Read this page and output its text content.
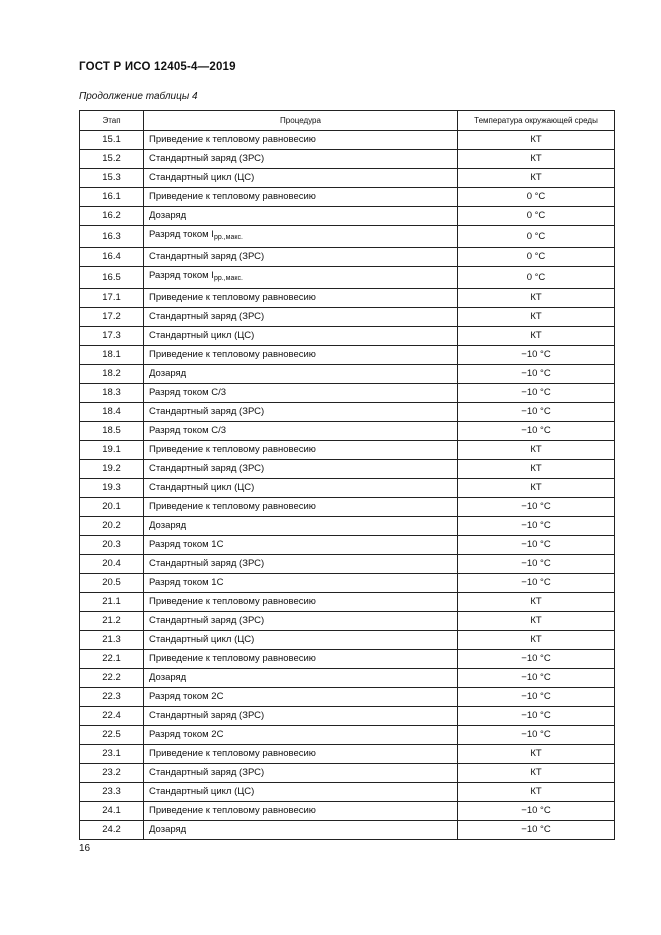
ГОСТ Р ИСО 12405-4—2019
Продолжение таблицы 4
Этап	Процедура	Температура окружающей среды
15.1	Приведение к тепловому равновесию	КТ
15.2	Стандартный заряд (ЗРС)	КТ
15.3	Стандартный цикл (ЦС)	КТ
16.1	Приведение к тепловому равновесию	0 °С
16.2	Дозаряд	0 °С
16.3	Разряд током $I_{рр.,макс.}$	0 °С
16.4	Стандартный заряд (ЗРС)	0 °С
16.5	Разряд током $I_{рр.,макс.}$	0 °С
17.1	Приведение к тепловому равновесию	КТ
17.2	Стандартный заряд (ЗРС)	КТ
17.3	Стандартный цикл (ЦС)	КТ
18.1	Приведение к тепловому равновесию	−10 °С
18.2	Дозаряд	−10 °С
18.3	Разряд током С/3	−10 °С
18.4	Стандартный заряд (ЗРС)	−10 °С
18.5	Разряд током С/3	−10 °С
19.1	Приведение к тепловому равновесию	КТ
19.2	Стандартный заряд (ЗРС)	КТ
19.3	Стандартный цикл (ЦС)	КТ
20.1	Приведение к тепловому равновесию	−10 °С
20.2	Дозаряд	−10 °С
20.3	Разряд током 1С	−10 °С
20.4	Стандартный заряд (ЗРС)	−10 °С
20.5	Разряд током 1С	−10 °С
21.1	Приведение к тепловому равновесию	КТ
21.2	Стандартный заряд (ЗРС)	КТ
21.3	Стандартный цикл (ЦС)	КТ
22.1	Приведение к тепловому равновесию	−10 °С
22.2	Дозаряд	−10 °С
22.3	Разряд током 2С	−10 °С
22.4	Стандартный заряд (ЗРС)	−10 °С
22.5	Разряд током 2С	−10 °С
23.1	Приведение к тепловому равновесию	КТ
23.2	Стандартный заряд (ЗРС)	КТ
23.3	Стандартный цикл (ЦС)	КТ
24.1	Приведение к тепловому равновесию	−10 °С
24.2	Дозаряд	−10 °С
16
